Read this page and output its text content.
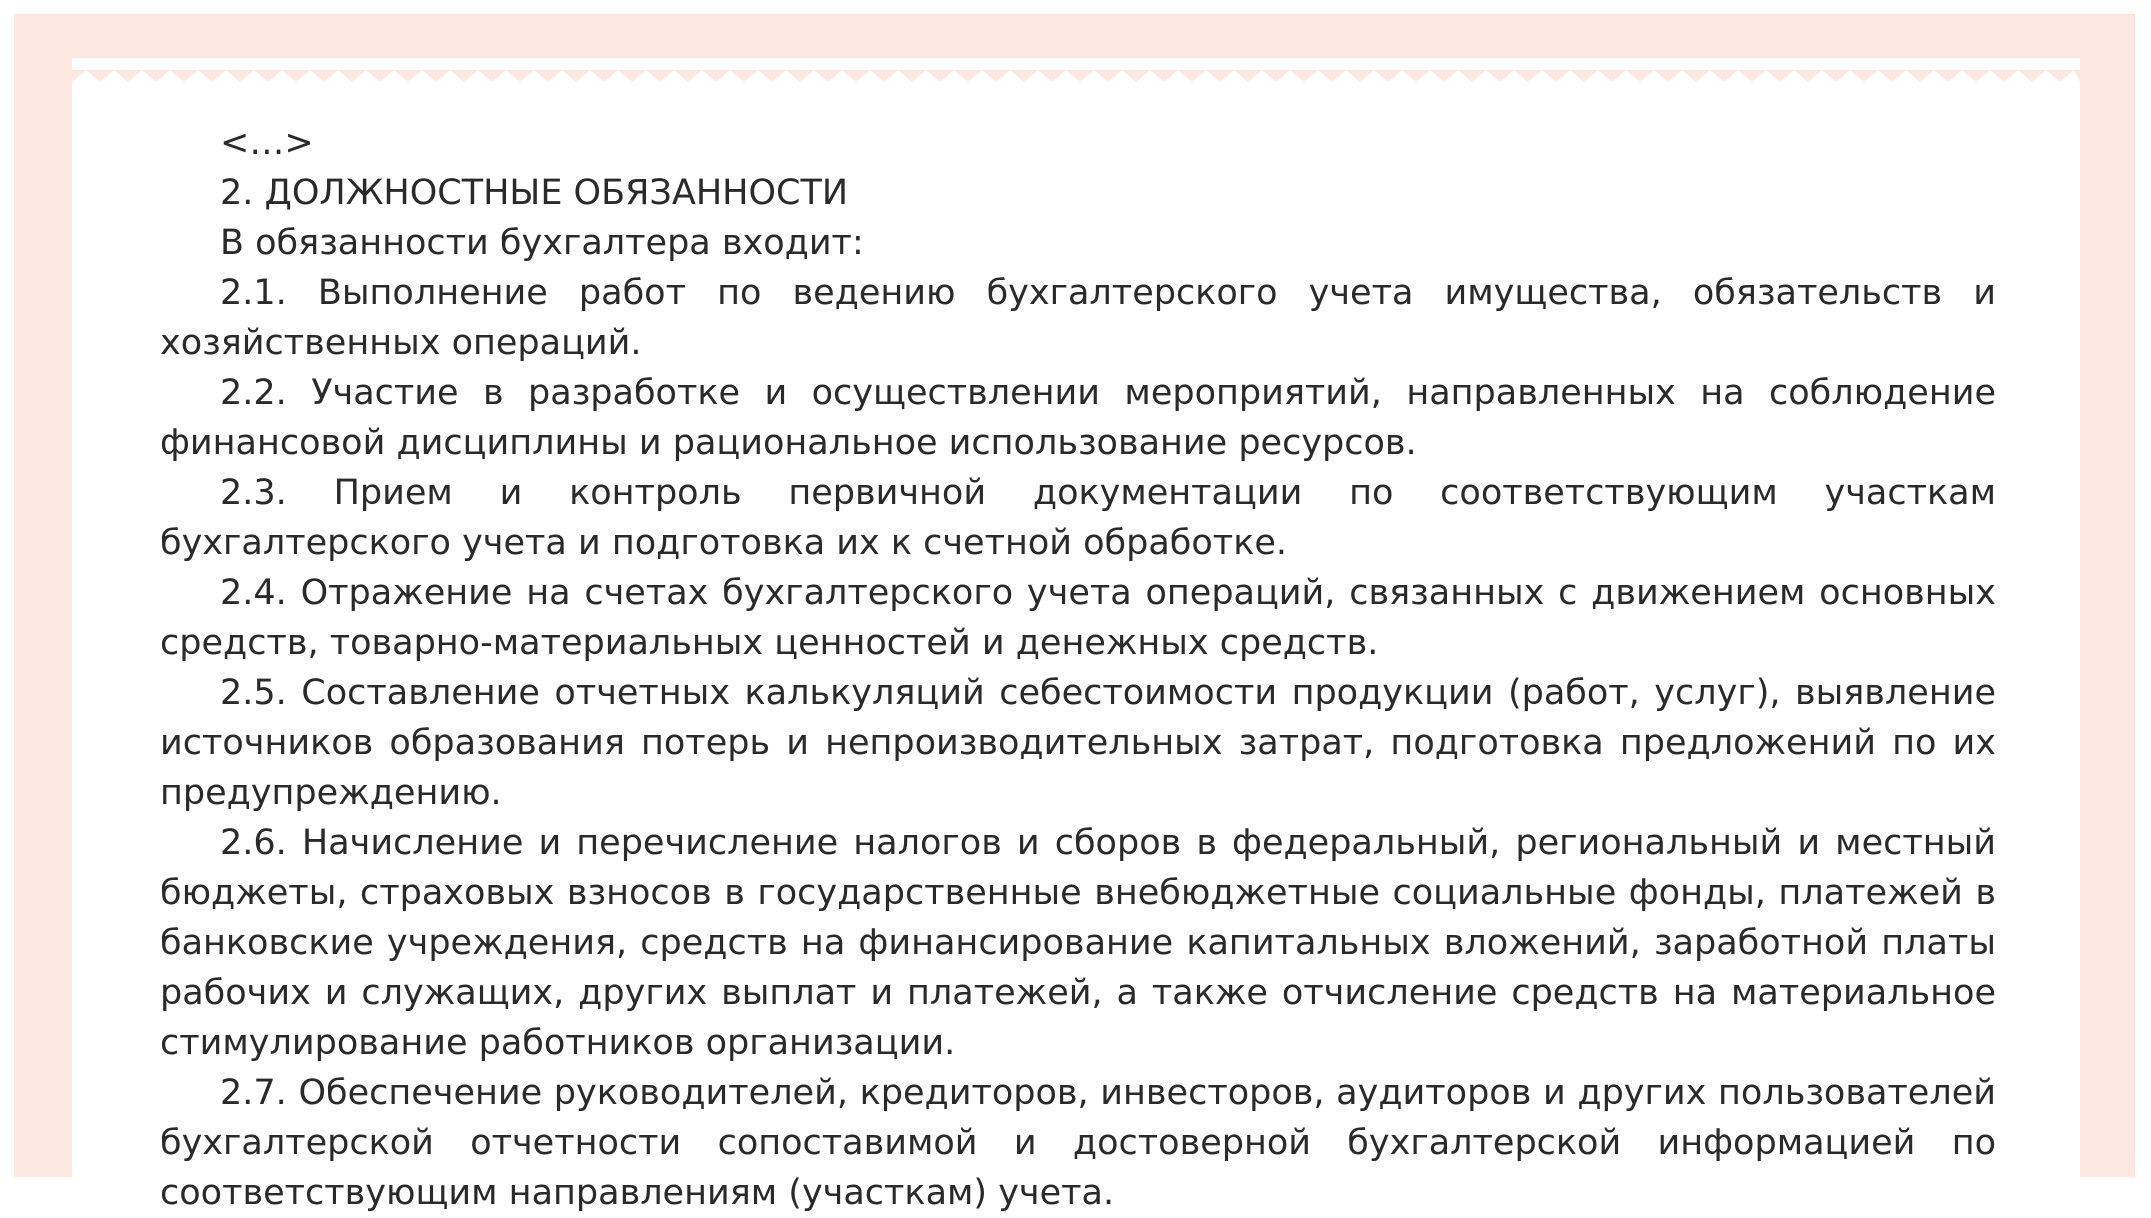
<…>

2. ДОЛЖНОСТНЫЕ ОБЯЗАННОСТИ

В обязанности бухгалтера входит:

2.1. Выполнение работ по ведению бухгалтерского учета имущества, обязательств и хозяйственных операций.

2.2. Участие в разработке и осуществлении мероприятий, направленных на соблюдение финансовой дисциплины и рациональное использование ресурсов.

2.3. Прием и контроль первичной документации по соответствующим участкам бухгалтерского учета и подготовка их к счетной обработке.

2.4. Отражение на счетах бухгалтерского учета операций, связанных с движением основных средств, товарно-материальных ценностей и денежных средств.

2.5. Составление отчетных калькуляций себестоимости продукции (работ, услуг), выявление источников образования потерь и непроизводительных затрат, подготовка предложений по их предупреждению.

2.6. Начисление и перечисление налогов и сборов в федеральный, региональный и местный бюджеты, страховых взносов в государственные внебюджетные социальные фонды, платежей в банковские учреждения, средств на финансирование капитальных вложений, заработной платы рабочих и служащих, других выплат и платежей, а также отчисление средств на материальное стимулирование работников организации.

2.7. Обеспечение руководителей, кредиторов, инвесторов, аудиторов и других пользователей бухгалтерской отчетности сопоставимой и достоверной бухгалтерской информацией по соответствующим направлениям (участкам) учета.
